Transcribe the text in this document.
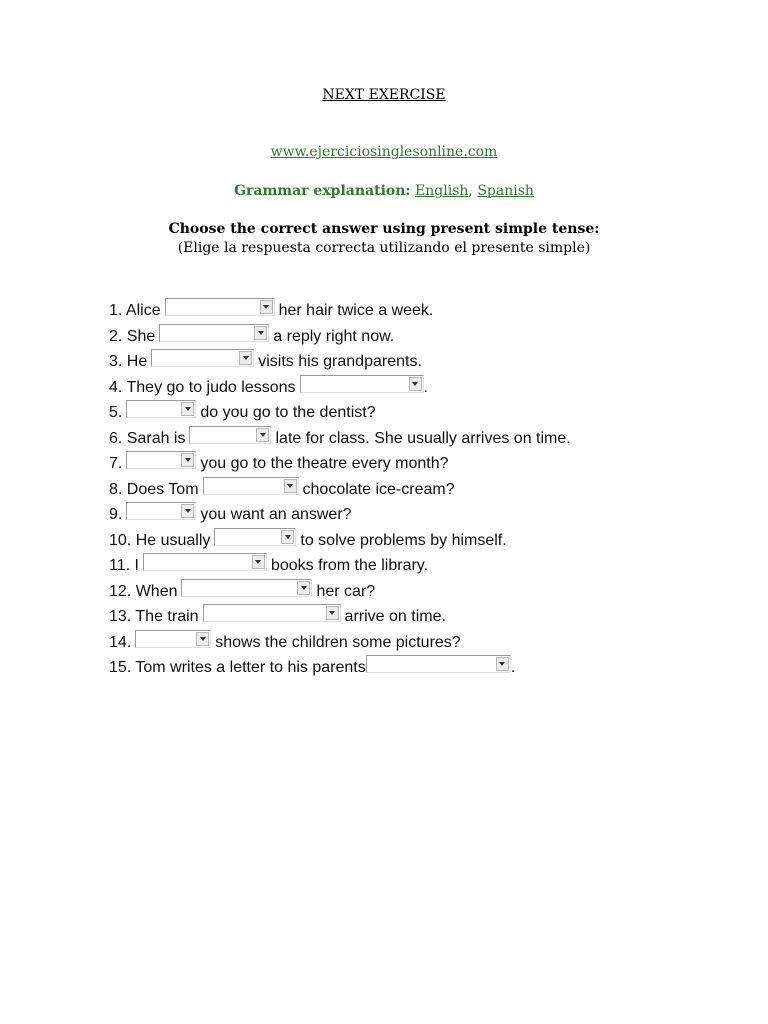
NEXT EXERCISE
www.ejerciciosinglesonline.com
Grammar explanation: English, Spanish
Choose the correct answer using present simple tense:
(Elige la respuesta correcta utilizando el presente simple)
1. Alice	her hair twice a week.
2. She	a reply right now.
3. He	visits his grandparents.
4. They go to judo lessons	.
5.	do you go to the dentist?
6. Sarah is	late for class. She usually arrives on time.
7.	you go to the theatre every month?
8. Does Tom	chocolate ice-cream?
9.	you want an answer?
10. He usually	to solve problems by himself.
11. I	books from the library.
12. When	her car?
13. The train	arrive on time.
14.	shows the children some pictures?
15. Tom writes a letter to his parents	.
